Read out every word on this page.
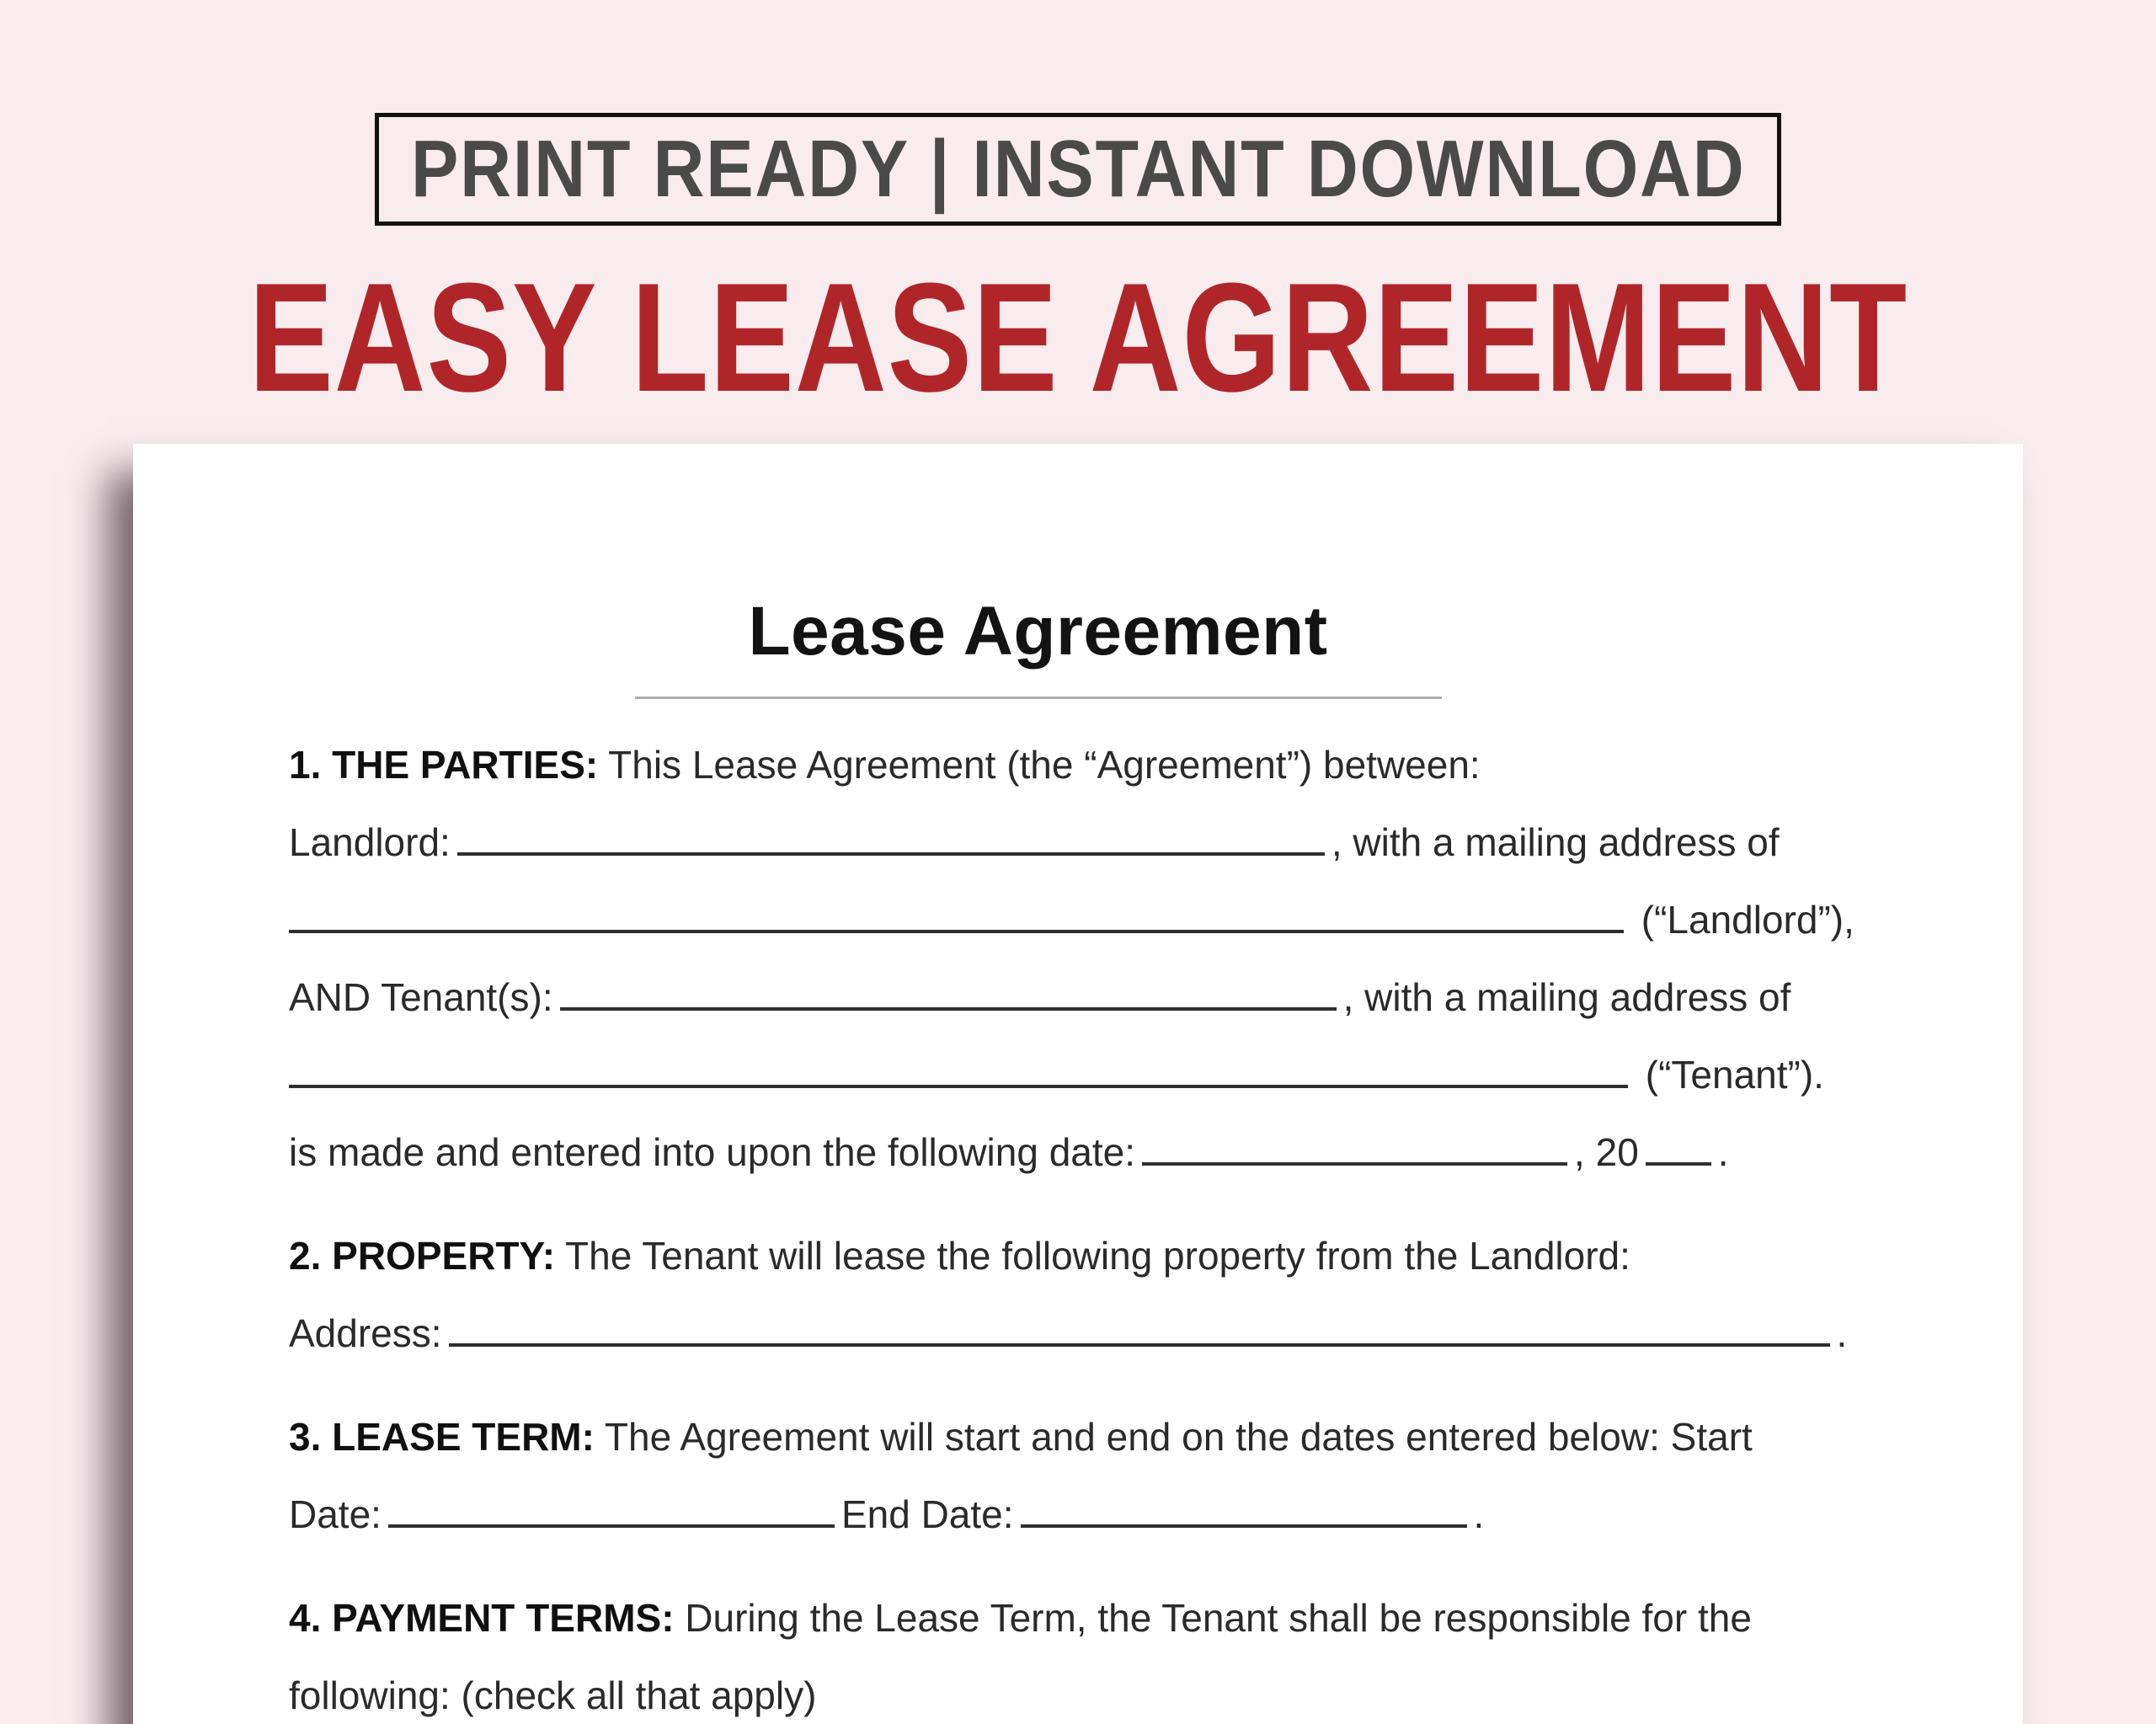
PRINT READY | INSTANT DOWNLOAD
EASY LEASE AGREEMENT
Lease Agreement
1. THE PARTIES: This Lease Agreement (the “Agreement”) between:
Landlord:	, with a mailing address of
(“Landlord”),
AND Tenant(s):	, with a mailing address of
(“Tenant”).
is made and entered into upon the following date:	, 20 .
2. PROPERTY: The Tenant will lease the following property from the Landlord:
Address:	.
3. LEASE TERM: The Agreement will start and end on the dates entered below: Start
Date:	End Date:	.
4. PAYMENT TERMS: During the Lease Term, the Tenant shall be responsible for the
following: (check all that apply)
